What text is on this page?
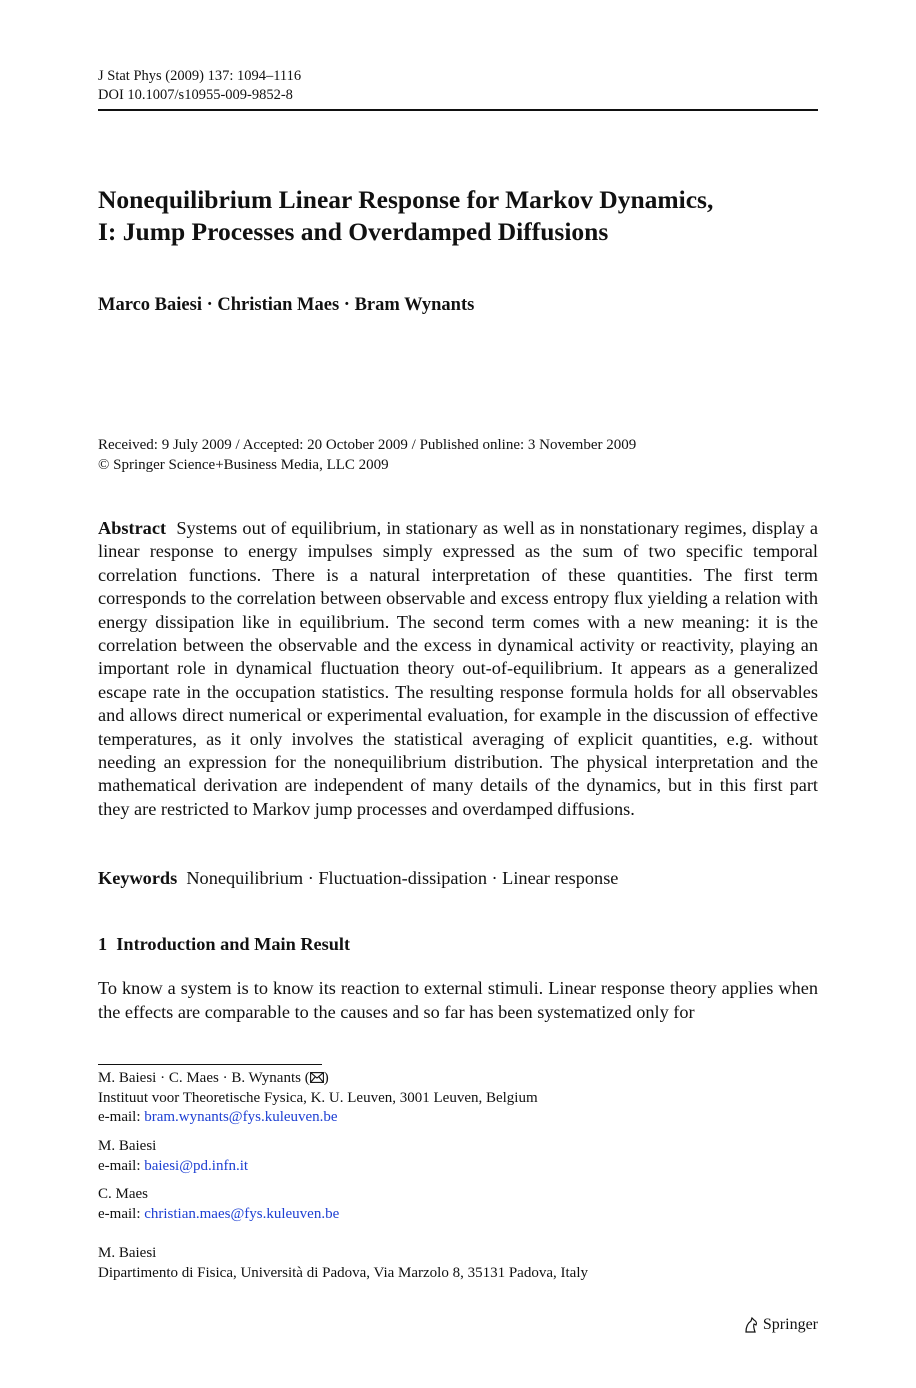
J Stat Phys (2009) 137: 1094–1116
DOI 10.1007/s10955-009-9852-8
Nonequilibrium Linear Response for Markov Dynamics,
I: Jump Processes and Overdamped Diffusions
Marco Baiesi · Christian Maes · Bram Wynants
Received: 9 July 2009 / Accepted: 20 October 2009 / Published online: 3 November 2009
© Springer Science+Business Media, LLC 2009
Abstract Systems out of equilibrium, in stationary as well as in nonstationary regimes, display a linear response to energy impulses simply expressed as the sum of two specific temporal correlation functions. There is a natural interpretation of these quantities. The first term corresponds to the correlation between observable and excess entropy flux yielding a relation with energy dissipation like in equilibrium. The second term comes with a new meaning: it is the correlation between the observable and the excess in dynamical activity or reactivity, playing an important role in dynamical fluctuation theory out-of-equilibrium. It appears as a generalized escape rate in the occupation statistics. The resulting response formula holds for all observables and allows direct numerical or experimental evaluation, for example in the discussion of effective temperatures, as it only involves the statistical averaging of explicit quantities, e.g. without needing an expression for the nonequilibrium distribution. The physical interpretation and the mathematical derivation are independent of many details of the dynamics, but in this first part they are restricted to Markov jump processes and overdamped diffusions.
Keywords Nonequilibrium · Fluctuation-dissipation · Linear response
1  Introduction and Main Result
To know a system is to know its reaction to external stimuli. Linear response theory applies when the effects are comparable to the causes and so far has been systematized only for
M. Baiesi · C. Maes · B. Wynants ( )
Instituut voor Theoretische Fysica, K. U. Leuven, 3001 Leuven, Belgium
e-mail: bram.wynants@fys.kuleuven.be
M. Baiesi
e-mail: baiesi@pd.infn.it
C. Maes
e-mail: christian.maes@fys.kuleuven.be
M. Baiesi
Dipartimento di Fisica, Università di Padova, Via Marzolo 8, 35131 Padova, Italy
Springer
